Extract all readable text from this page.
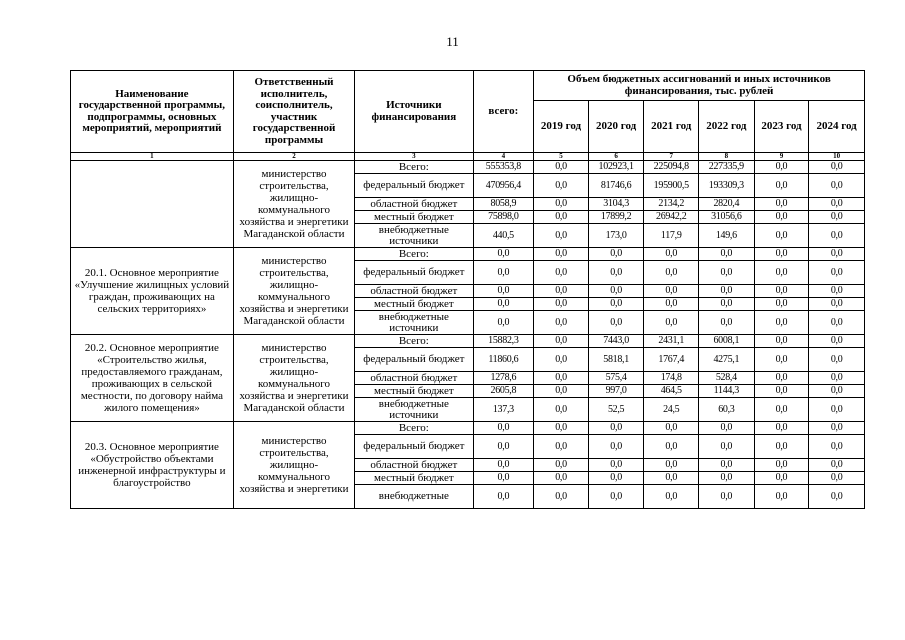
11
Наименование государственной программы, подпрограммы, основных мероприятий, мероприятий	Ответственный исполнитель, соисполнитель, участник государственной программы	Источники финансирования	всего:	Объем бюджетных ассигнований и иных источников финансирования, тыс. рублей					
				2019 год	2020 год	2021 год	2022 год	2023 год	2024 год
1	2	3	4	5	6	7	8	9	10
	министерство строительства, жилищно-коммунального хозяйства и энергетики Магаданской области	Всего:	555353,8	0,0	102923,1	225094,8	227335,9	0,0	0,0
		федеральный бюджет	470956,4	0,0	81746,6	195900,5	193309,3	0,0	0,0
		областной бюджет	8058,9	0,0	3104,3	2134,2	2820,4	0,0	0,0
		местный бюджет	75898,0	0,0	17899,2	26942,2	31056,6	0,0	0,0
		внебюджетные источники	440,5	0,0	173,0	117,9	149,6	0,0	0,0
20.1. Основное мероприятие «Улучшение жилищных условий граждан, проживающих на сельских территориях»	министерство строительства, жилищно-коммунального хозяйства и энергетики Магаданской области	Всего:	0,0	0,0	0,0	0,0	0,0	0,0	0,0
		федеральный бюджет	0,0	0,0	0,0	0,0	0,0	0,0	0,0
		областной бюджет	0,0	0,0	0,0	0,0	0,0	0,0	0,0
		местный бюджет	0,0	0,0	0,0	0,0	0,0	0,0	0,0
		внебюджетные источники	0,0	0,0	0,0	0,0	0,0	0,0	0,0
20.2. Основное мероприятие «Строительство жилья, предоставляемого гражданам, проживающих в сельской местности, по договору найма жилого помещения»	министерство строительства, жилищно-коммунального хозяйства и энергетики Магаданской области	Всего:	15882,3	0,0	7443,0	2431,1	6008,1	0,0	0,0
		федеральный бюджет	11860,6	0,0	5818,1	1767,4	4275,1	0,0	0,0
		областной бюджет	1278,6	0,0	575,4	174,8	528,4	0,0	0,0
		местный бюджет	2605,8	0,0	997,0	464,5	1144,3	0,0	0,0
		внебюджетные источники	137,3	0,0	52,5	24,5	60,3	0,0	0,0
20.3. Основное мероприятие «Обустройство объектами инженерной инфраструктуры и благоустройство	министерство строительства, жилищно-коммунального хозяйства и энергетики	Всего:	0,0	0,0	0,0	0,0	0,0	0,0	0,0
		федеральный бюджет	0,0	0,0	0,0	0,0	0,0	0,0	0,0
		областной бюджет	0,0	0,0	0,0	0,0	0,0	0,0	0,0
		местный бюджет	0,0	0,0	0,0	0,0	0,0	0,0	0,0
		внебюджетные	0,0	0,0	0,0	0,0	0,0	0,0	0,0
